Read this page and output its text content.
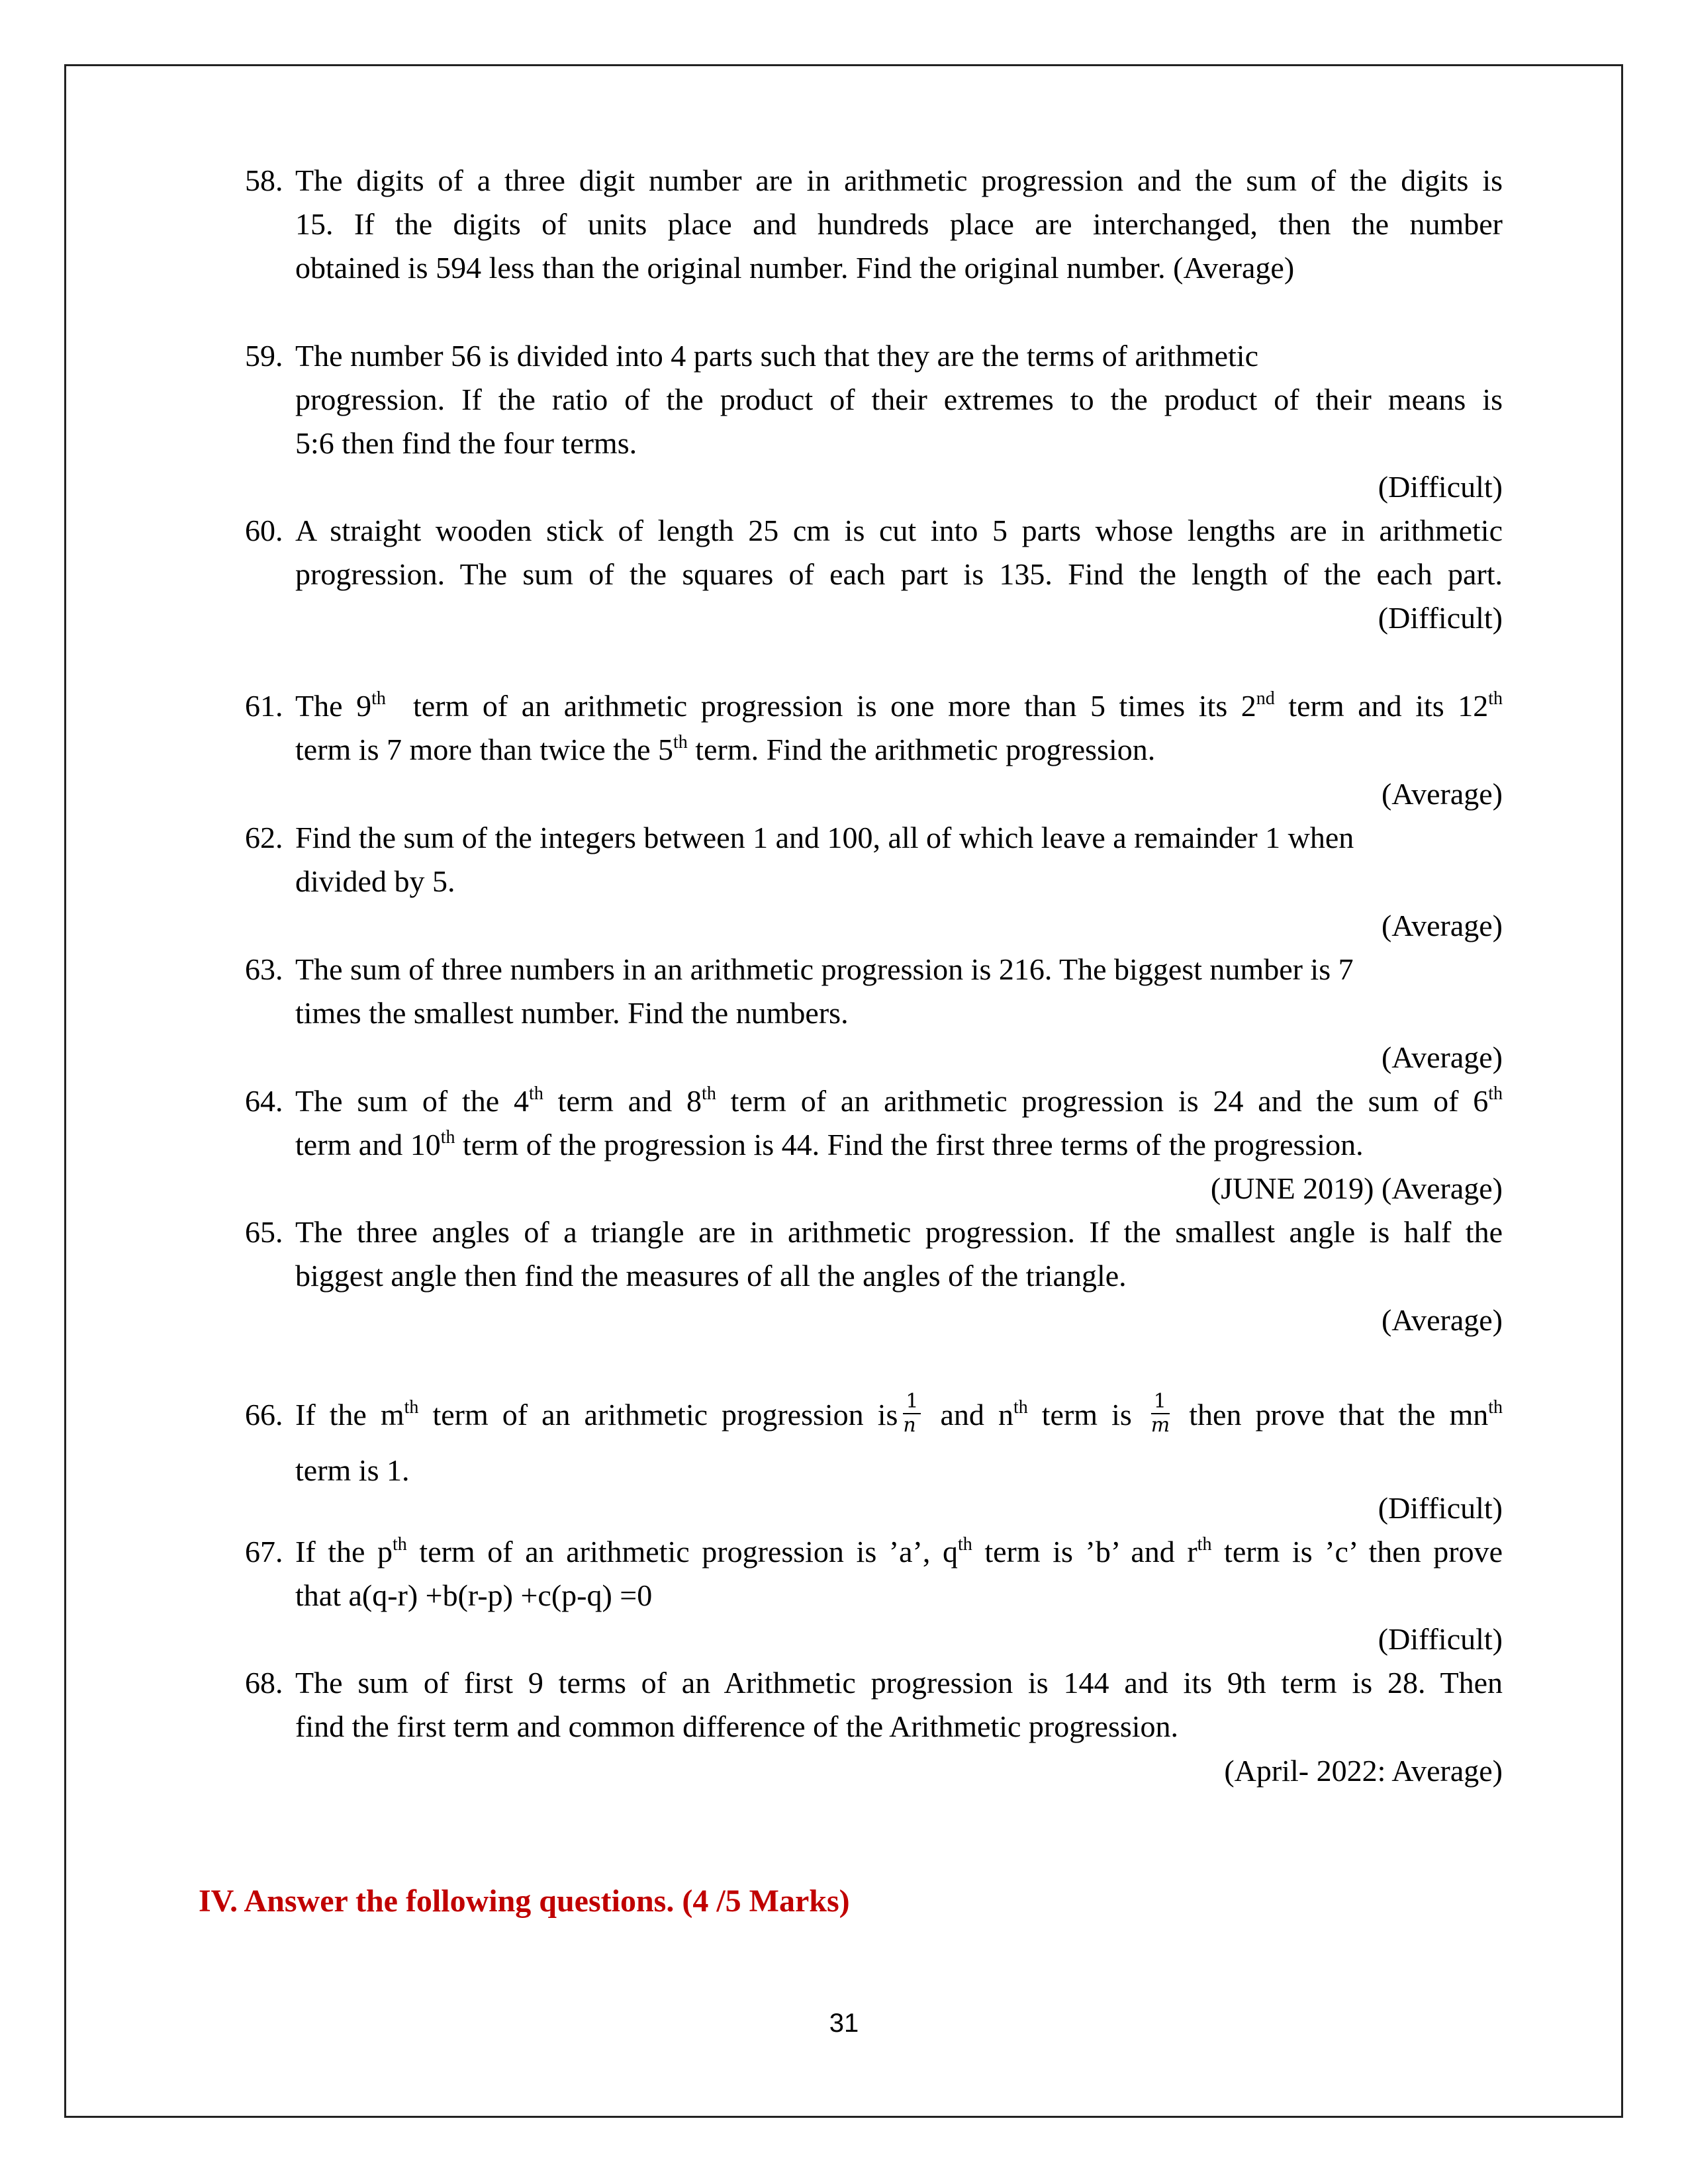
58. The digits of a three digit number are in arithmetic progression and the sum of the digits is
15. If the digits of units place and hundreds place are interchanged, then the number
obtained is 594 less than the original number. Find the original number. (Average)
59. The number 56 is divided into 4 parts such that they are the terms of arithmetic
progression. If the ratio of the product of their extremes to the product of their means is
5:6 then find the four terms.
(Difficult)
60. A straight wooden stick of length 25 cm is cut into 5 parts whose lengths are in arithmetic
progression. The sum of the squares of each part is 135. Find the length of the each part.
(Difficult)
61. The 9th  term of an arithmetic progression is one more than 5 times its 2nd term and its 12th
term is 7 more than twice the 5th term. Find the arithmetic progression.
(Average)
62. Find the sum of the integers between 1 and 100, all of which leave a remainder 1 when
divided by 5.
(Average)
63. The sum of three numbers in an arithmetic progression is 216. The biggest number is 7
times the smallest number. Find the numbers.
(Average)
64. The sum of the 4th term and 8th term of an arithmetic progression is 24 and the sum of 6th
term and 10th term of the progression is 44. Find the first three terms of the progression.
(JUNE 2019) (Average)
65. The three angles of a triangle are in arithmetic progression. If the smallest angle is half the
biggest angle then find the measures of all the angles of the triangle.
(Average)
66. If the $m^{th}$ term of an arithmetic progression is $\frac{1}{n}$ and $n^{th}$ term is $\frac{1}{m}$ then prove that the $mn^{th}$
term is 1.
(Difficult)
67. If the $p^{th}$ term of an arithmetic progression is ’a’, $q^{th}$ term is ’b’ and $r^{th}$ term is ’c’ then prove
that a(q-r) +b(r-p) +c(p-q) =0
(Difficult)
68. The sum of first 9 terms of an Arithmetic progression is 144 and its 9th term is 28. Then
find the first term and common difference of the Arithmetic progression.
(April- 2022: Average)
IV. Answer the following questions. (4 /5 Marks)
31
